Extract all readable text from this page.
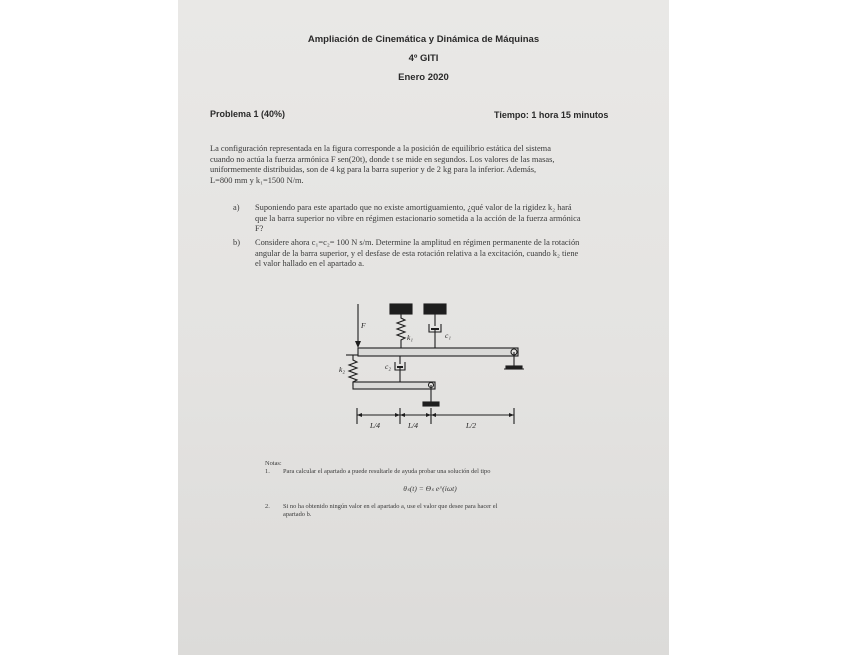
Ampliación de Cinemática y Dinámica de Máquinas
4º GITI
Enero 2020
Problema 1 (40%)	Tiempo: 1 hora 15 minutos
La configuración representada en la figura corresponde a la posición de equilibrio estática del sistema
cuando no actúa la fuerza armónica F sen(20t), donde t se mide en segundos. Los valores de las masas,
uniformemente distribuidas, son de 4 kg para la barra superior y de 2 kg para la inferior. Además,
L=800 mm y k₁=1500 N/m.
a) Suponiendo para este apartado que no existe amortiguamiento, ¿qué valor de la rigidez k₂ hará
que la barra superior no vibre en régimen estacionario sometida a la acción de la fuerza armónica
F?
b) Considere ahora c₁=c₂= 100 N s/m. Determine la amplitud en régimen permanente de la rotación
angular de la barra superior, y el desfase de esta rotación relativa a la excitación, cuando k₂ tiene
el valor hallado en el apartado a.
F
k₁	c₁
k₂	c₂
L/4	L/4	L/2
Notas:
1. Para calcular el apartado a puede resultarle de ayuda probar una solución del tipo
θₛ(t) = Θₛ e^(iωt)
2. Si no ha obtenido ningún valor en el apartado a, use el valor que desee para hacer el
apartado b.
